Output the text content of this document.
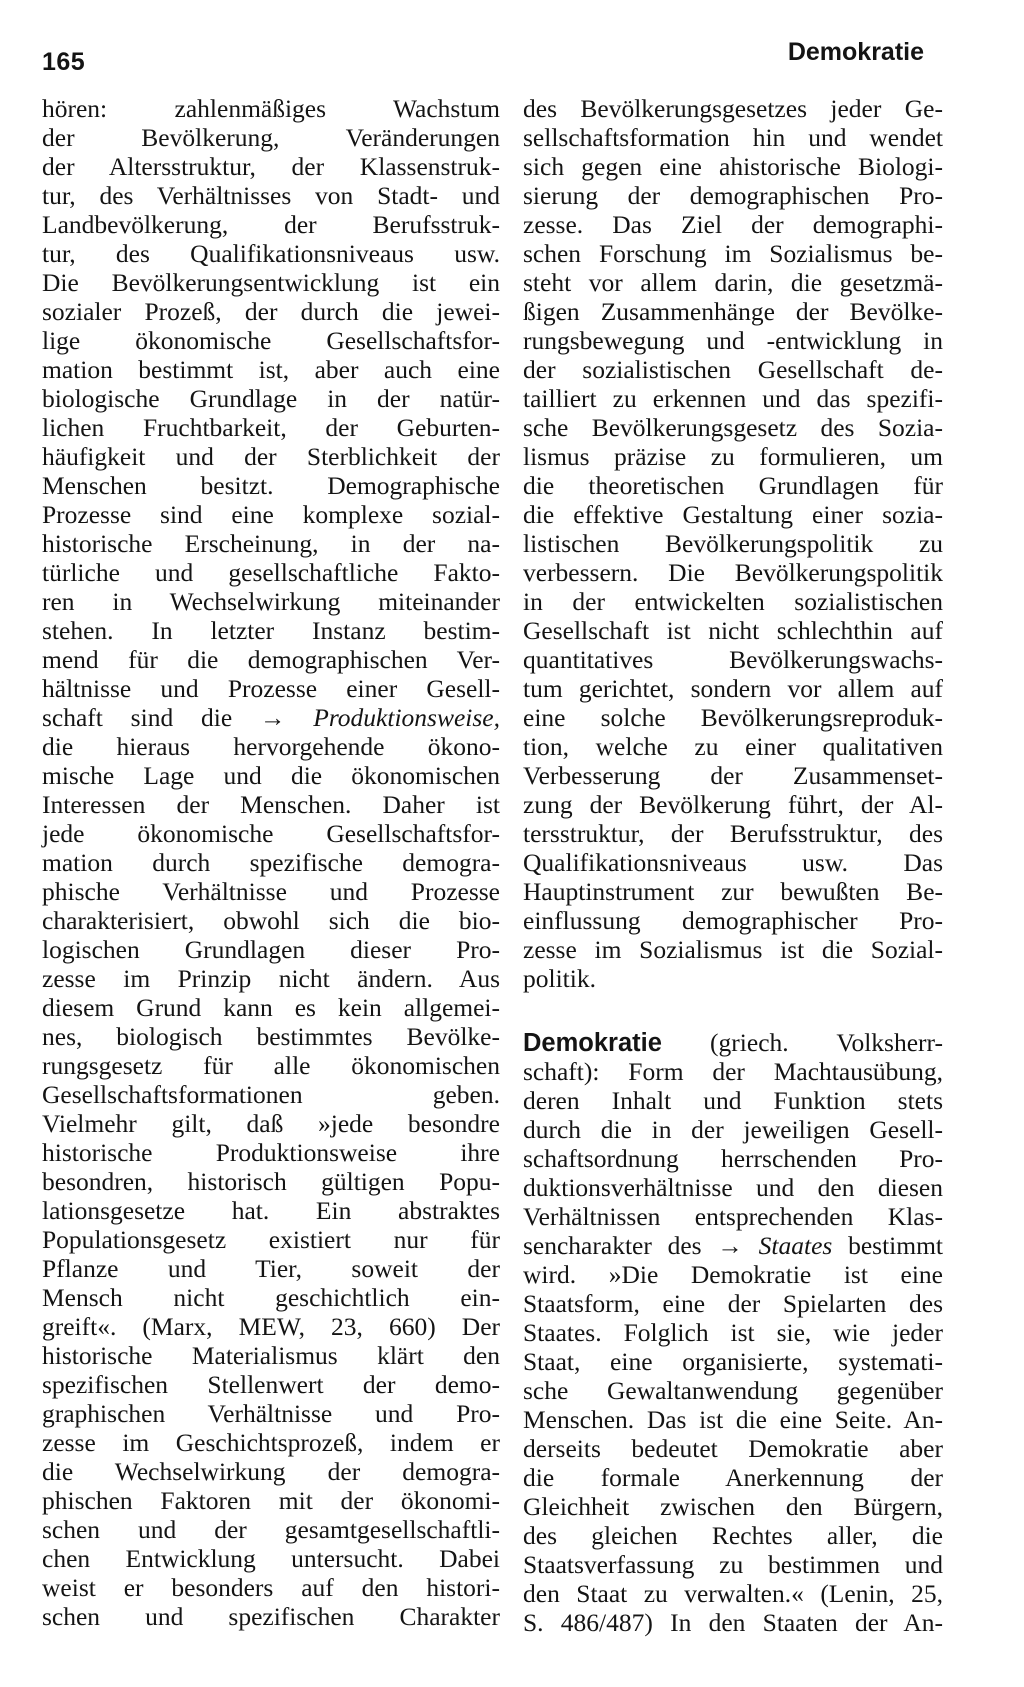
165	Demokratie
hören: zahlenmäßiges Wachstum
der Bevölkerung, Veränderungen
der Altersstruktur, der Klassenstruk-
tur, des Verhältnisses von Stadt- und
Landbevölkerung, der Berufsstruk-
tur, des Qualifikationsniveaus usw.
Die Bevölkerungsentwicklung ist ein
sozialer Prozeß, der durch die jewei-
lige ökonomische Gesellschaftsfor-
mation bestimmt ist, aber auch eine
biologische Grundlage in der natür-
lichen Fruchtbarkeit, der Geburten-
häufigkeit und der Sterblichkeit der
Menschen besitzt. Demographische
Prozesse sind eine komplexe sozial-
historische Erscheinung, in der na-
türliche und gesellschaftliche Fakto-
ren in Wechselwirkung miteinander
stehen. In letzter Instanz bestim-
mend für die demographischen Ver-
hältnisse und Prozesse einer Gesell-
schaft sind die → Produktionsweise,
die hieraus hervorgehende ökono-
mische Lage und die ökonomischen
Interessen der Menschen. Daher ist
jede ökonomische Gesellschaftsfor-
mation durch spezifische demogra-
phische Verhältnisse und Prozesse
charakterisiert, obwohl sich die bio-
logischen Grundlagen dieser Pro-
zesse im Prinzip nicht ändern. Aus
diesem Grund kann es kein allgemei-
nes, biologisch bestimmtes Bevölke-
rungsgesetz für alle ökonomischen
Gesellschaftsformationen geben.
Vielmehr gilt, daß »jede besondre
historische Produktionsweise ihre
besondren, historisch gültigen Popu-
lationsgesetze hat. Ein abstraktes
Populationsgesetz existiert nur für
Pflanze und Tier, soweit der
Mensch nicht geschichtlich ein-
greift«. (Marx, MEW, 23, 660) Der
historische Materialismus klärt den
spezifischen Stellenwert der demo-
graphischen Verhältnisse und Pro-
zesse im Geschichtsprozeß, indem er
die Wechselwirkung der demogra-
phischen Faktoren mit der ökonomi-
schen und der gesamtgesellschaftli-
chen Entwicklung untersucht. Dabei
weist er besonders auf den histori-
schen und spezifischen Charakter
des Bevölkerungsgesetzes jeder Ge-
sellschaftsformation hin und wendet
sich gegen eine ahistorische Biologi-
sierung der demographischen Pro-
zesse. Das Ziel der demographi-
schen Forschung im Sozialismus be-
steht vor allem darin, die gesetzmä-
ßigen Zusammenhänge der Bevölke-
rungsbewegung und -entwicklung in
der sozialistischen Gesellschaft de-
tailliert zu erkennen und das spezifi-
sche Bevölkerungsgesetz des Sozia-
lismus präzise zu formulieren, um
die theoretischen Grundlagen für
die effektive Gestaltung einer sozia-
listischen Bevölkerungspolitik zu
verbessern. Die Bevölkerungspolitik
in der entwickelten sozialistischen
Gesellschaft ist nicht schlechthin auf
quantitatives Bevölkerungswachs-
tum gerichtet, sondern vor allem auf
eine solche Bevölkerungsreproduk-
tion, welche zu einer qualitativen
Verbesserung der Zusammenset-
zung der Bevölkerung führt, der Al-
tersstruktur, der Berufsstruktur, des
Qualifikationsniveaus usw. Das
Hauptinstrument zur bewußten Be-
einflussung demographischer Pro-
zesse im Sozialismus ist die Sozial-
politik.
Demokratie (griech. Volksherr-
schaft): Form der Machtausübung,
deren Inhalt und Funktion stets
durch die in der jeweiligen Gesell-
schaftsordnung herrschenden Pro-
duktionsverhältnisse und den diesen
Verhältnissen entsprechenden Klas-
sencharakter des → Staates bestimmt
wird. »Die Demokratie ist eine
Staatsform, eine der Spielarten des
Staates. Folglich ist sie, wie jeder
Staat, eine organisierte, systemati-
sche Gewaltanwendung gegenüber
Menschen. Das ist die eine Seite. An-
derseits bedeutet Demokratie aber
die formale Anerkennung der
Gleichheit zwischen den Bürgern,
des gleichen Rechtes aller, die
Staatsverfassung zu bestimmen und
den Staat zu verwalten.« (Lenin, 25,
S. 486/487) In den Staaten der An-
